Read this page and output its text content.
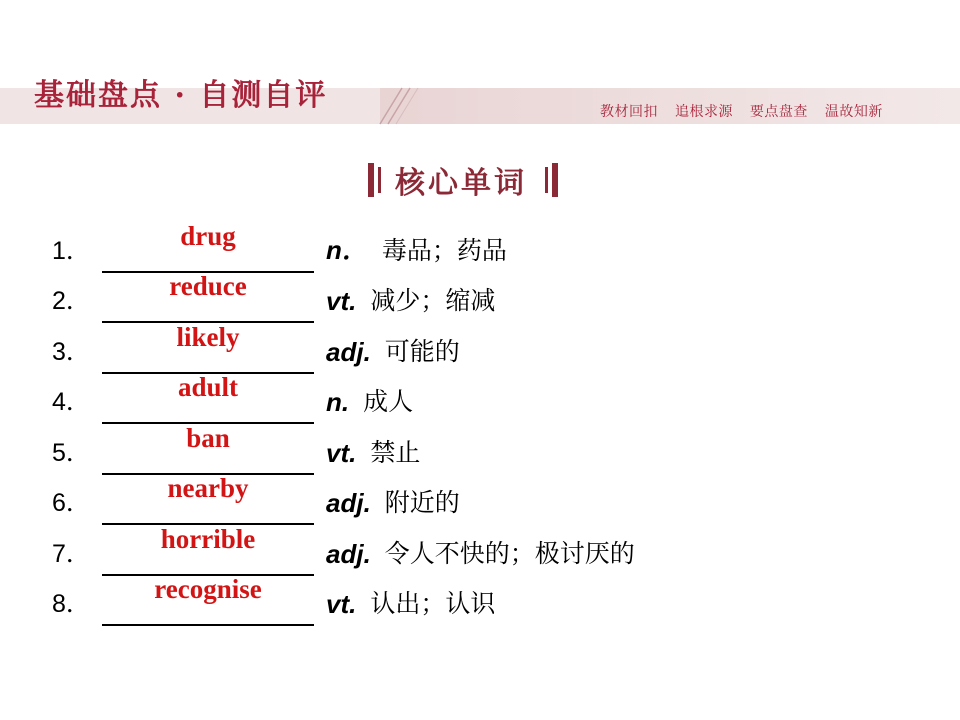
基础盘点 · 自测自评	教材回扣 追根求源 要点盘查 温故知新
核心单词
1．	drug	n． 毒品；药品
2．	reduce	vt. 减少；缩减
3．	likely	adj. 可能的
4．	adult	n. 成人
5．	ban	vt. 禁止
6．	nearby	adj. 附近的
7．	horrible	adj. 令人不快的；极讨厌的
8．	recognise	vt. 认出；认识
